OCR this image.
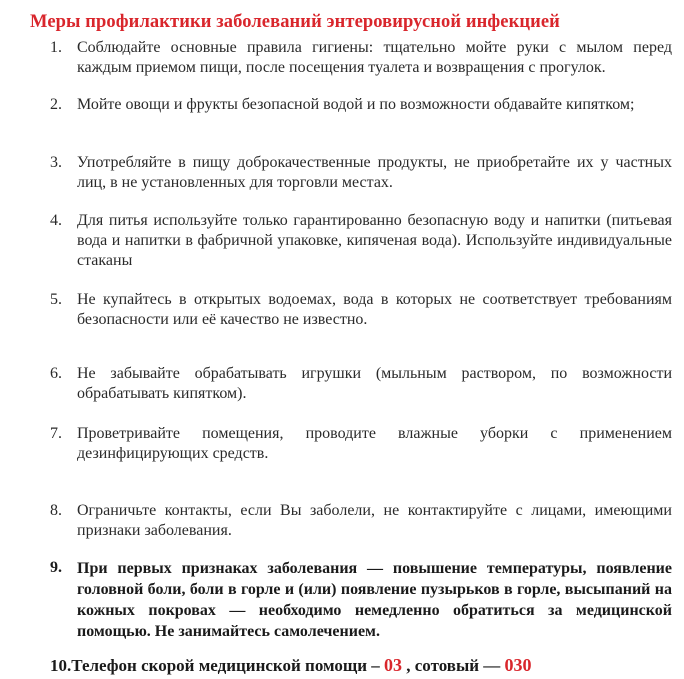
Меры профилактики заболеваний энтеровирусной инфекцией
1. Соблюдайте основные правила гигиены: тщательно мойте руки с мылом перед каждым приемом пищи, после посещения туалета и возвращения с прогулок.
2. Мойте овощи и фрукты безопасной водой и по возможности обдавайте кипятком;
3. Употребляйте в пищу доброкачественные продукты, не приобретайте их у частных лиц, в не установленных для торговли местах.
4. Для питья используйте только гарантированно безопасную воду и напитки (питьевая вода и напитки в фабричной упаковке, кипяченая вода). Используйте индивидуальные стаканы
5. Не купайтесь в открытых водоемах, вода в которых не соответствует требованиям безопасности или её качество не известно.
6. Не забывайте обрабатывать игрушки (мыльным раствором, по возможности обрабатывать кипятком).
7. Проветривайте помещения, проводите влажные уборки с применением дезинфицирующих средств.
8. Ограничьте контакты, если Вы заболели, не контактируйте с лицами, имеющими признаки заболевания.
9. При первых признаках заболевания — повышение температуры, появление головной боли, боли в горле и (или) появление пузырьков в горле, высыпаний на кожных покровах — необходимо немедленно обратиться за медицинской помощью. Не занимайтесь самолечением.
10.Телефон скорой медицинской помощи – 03 , сотовый — 030
